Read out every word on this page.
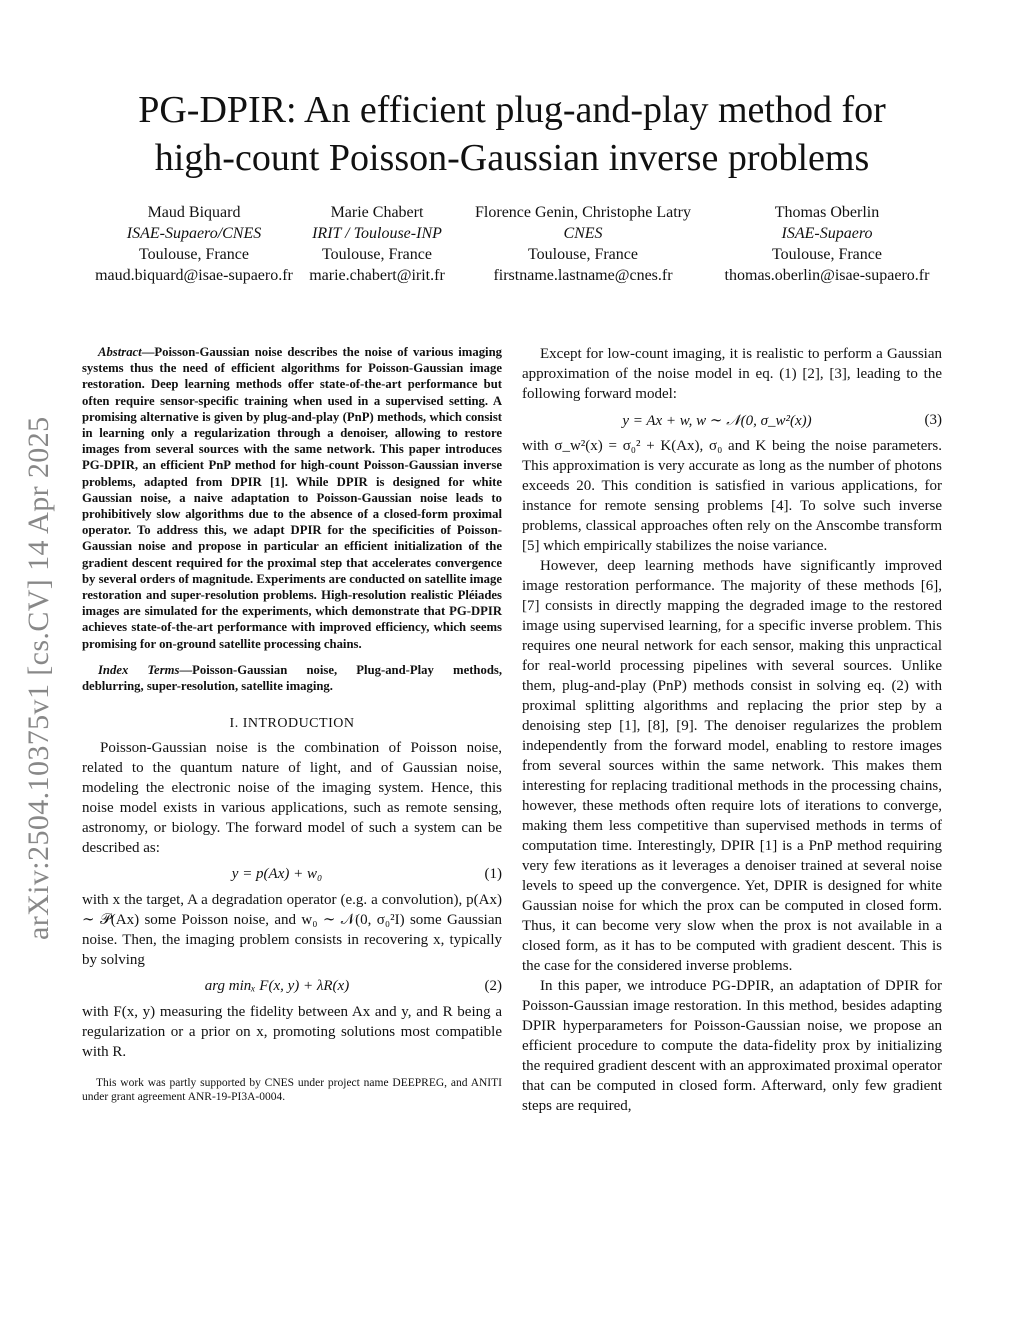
PG-DPIR: An efficient plug-and-play method for
high-count Poisson-Gaussian inverse problems
Maud Biquard
ISAE-Supaero/CNES
Toulouse, France
maud.biquard@isae-supaero.fr
Marie Chabert
IRIT / Toulouse-INP
Toulouse, France
marie.chabert@irit.fr
Florence Genin, Christophe Latry
CNES
Toulouse, France
firstname.lastname@cnes.fr
Thomas Oberlin
ISAE-Supaero
Toulouse, France
thomas.oberlin@isae-supaero.fr
arXiv:2504.10375v1 [cs.CV] 14 Apr 2025

Abstract—Poisson-Gaussian noise describes the noise of various imaging systems thus the need of efficient algorithms for Poisson-Gaussian image restoration. Deep learning methods offer state-of-the-art performance but often require sensor-specific training when used in a supervised setting. A promising alternative is given by plug-and-play (PnP) methods, which consist in learning only a regularization through a denoiser, allowing to restore images from several sources with the same network. This paper introduces PG-DPIR, an efficient PnP method for high-count Poisson-Gaussian inverse problems, adapted from DPIR [1]. While DPIR is designed for white Gaussian noise, a naive adaptation to Poisson-Gaussian noise leads to prohibitively slow algorithms due to the absence of a closed-form proximal operator. To address this, we adapt DPIR for the specificities of Poisson-Gaussian noise and propose in particular an efficient initialization of the gradient descent required for the proximal step that accelerates convergence by several orders of magnitude. Experiments are conducted on satellite image restoration and super-resolution problems. High-resolution realistic Pléiades images are simulated for the experiments, which demonstrate that PG-DPIR achieves state-of-the-art performance with improved efficiency, which seems promising for on-ground satellite processing chains.

Index Terms—Poisson-Gaussian noise, Plug-and-Play methods, deblurring, super-resolution, satellite imaging.

I. INTRODUCTION

Poisson-Gaussian noise is the combination of Poisson noise, related to the quantum nature of light, and of Gaussian noise, modeling the electronic noise of the imaging system. Hence, this noise model exists in various applications, such as remote sensing, astronomy, or biology. The forward model of such a system can be described as:

y = p(Ax) + w₀	(1)

with x the target, A a degradation operator (e.g. a convolution), p(Ax) ∼ 𝒫(Ax) some Poisson noise, and w₀ ∼ 𝒩(0, σ₀²I) some Gaussian noise. Then, the imaging problem consists in recovering x, typically by solving

arg minₓ F(x, y) + λR(x)	(2)

with F(x, y) measuring the fidelity between Ax and y, and R being a regularization or a prior on x, promoting solutions most compatible with R.

This work was partly supported by CNES under project name DEEPREG, and ANITI under grant agreement ANR-19-PI3A-0004.

Except for low-count imaging, it is realistic to perform a Gaussian approximation of the noise model in eq. (1) [2], [3], leading to the following forward model:

y = Ax + w, w ∼ 𝒩(0, σ_w²(x))	(3)

with σ_w²(x) = σ₀² + K(Ax), σ₀ and K being the noise parameters. This approximation is very accurate as long as the number of photons exceeds 20. This condition is satisfied in various applications, for instance for remote sensing problems [4]. To solve such inverse problems, classical approaches often rely on the Anscombe transform [5] which empirically stabilizes the noise variance.

However, deep learning methods have significantly improved image restoration performance. The majority of these methods [6], [7] consists in directly mapping the degraded image to the restored image using supervised learning, for a specific inverse problem. This requires one neural network for each sensor, making this unpractical for real-world processing pipelines with several sources. Unlike them, plug-and-play (PnP) methods consist in solving eq. (2) with proximal splitting algorithms and replacing the prior step by a denoising step [1], [8], [9]. The denoiser regularizes the problem independently from the forward model, enabling to restore images from several sources within the same network. This makes them interesting for replacing traditional methods in the processing chains, however, these methods often require lots of iterations to converge, making them less competitive than supervised methods in terms of computation time. Interestingly, DPIR [1] is a PnP method requiring very few iterations as it leverages a denoiser trained at several noise levels to speed up the convergence. Yet, DPIR is designed for white Gaussian noise for which the prox can be computed in closed form. Thus, it can become very slow when the prox is not available in a closed form, as it has to be computed with gradient descent. This is the case for the considered inverse problems.

In this paper, we introduce PG-DPIR, an adaptation of DPIR for Poisson-Gaussian image restoration. In this method, besides adapting DPIR hyperparameters for Poisson-Gaussian noise, we propose an efficient procedure to compute the data-fidelity prox by initializing the required gradient descent with an approximated proximal operator that can be computed in closed form. Afterward, only few gradient steps are required,
